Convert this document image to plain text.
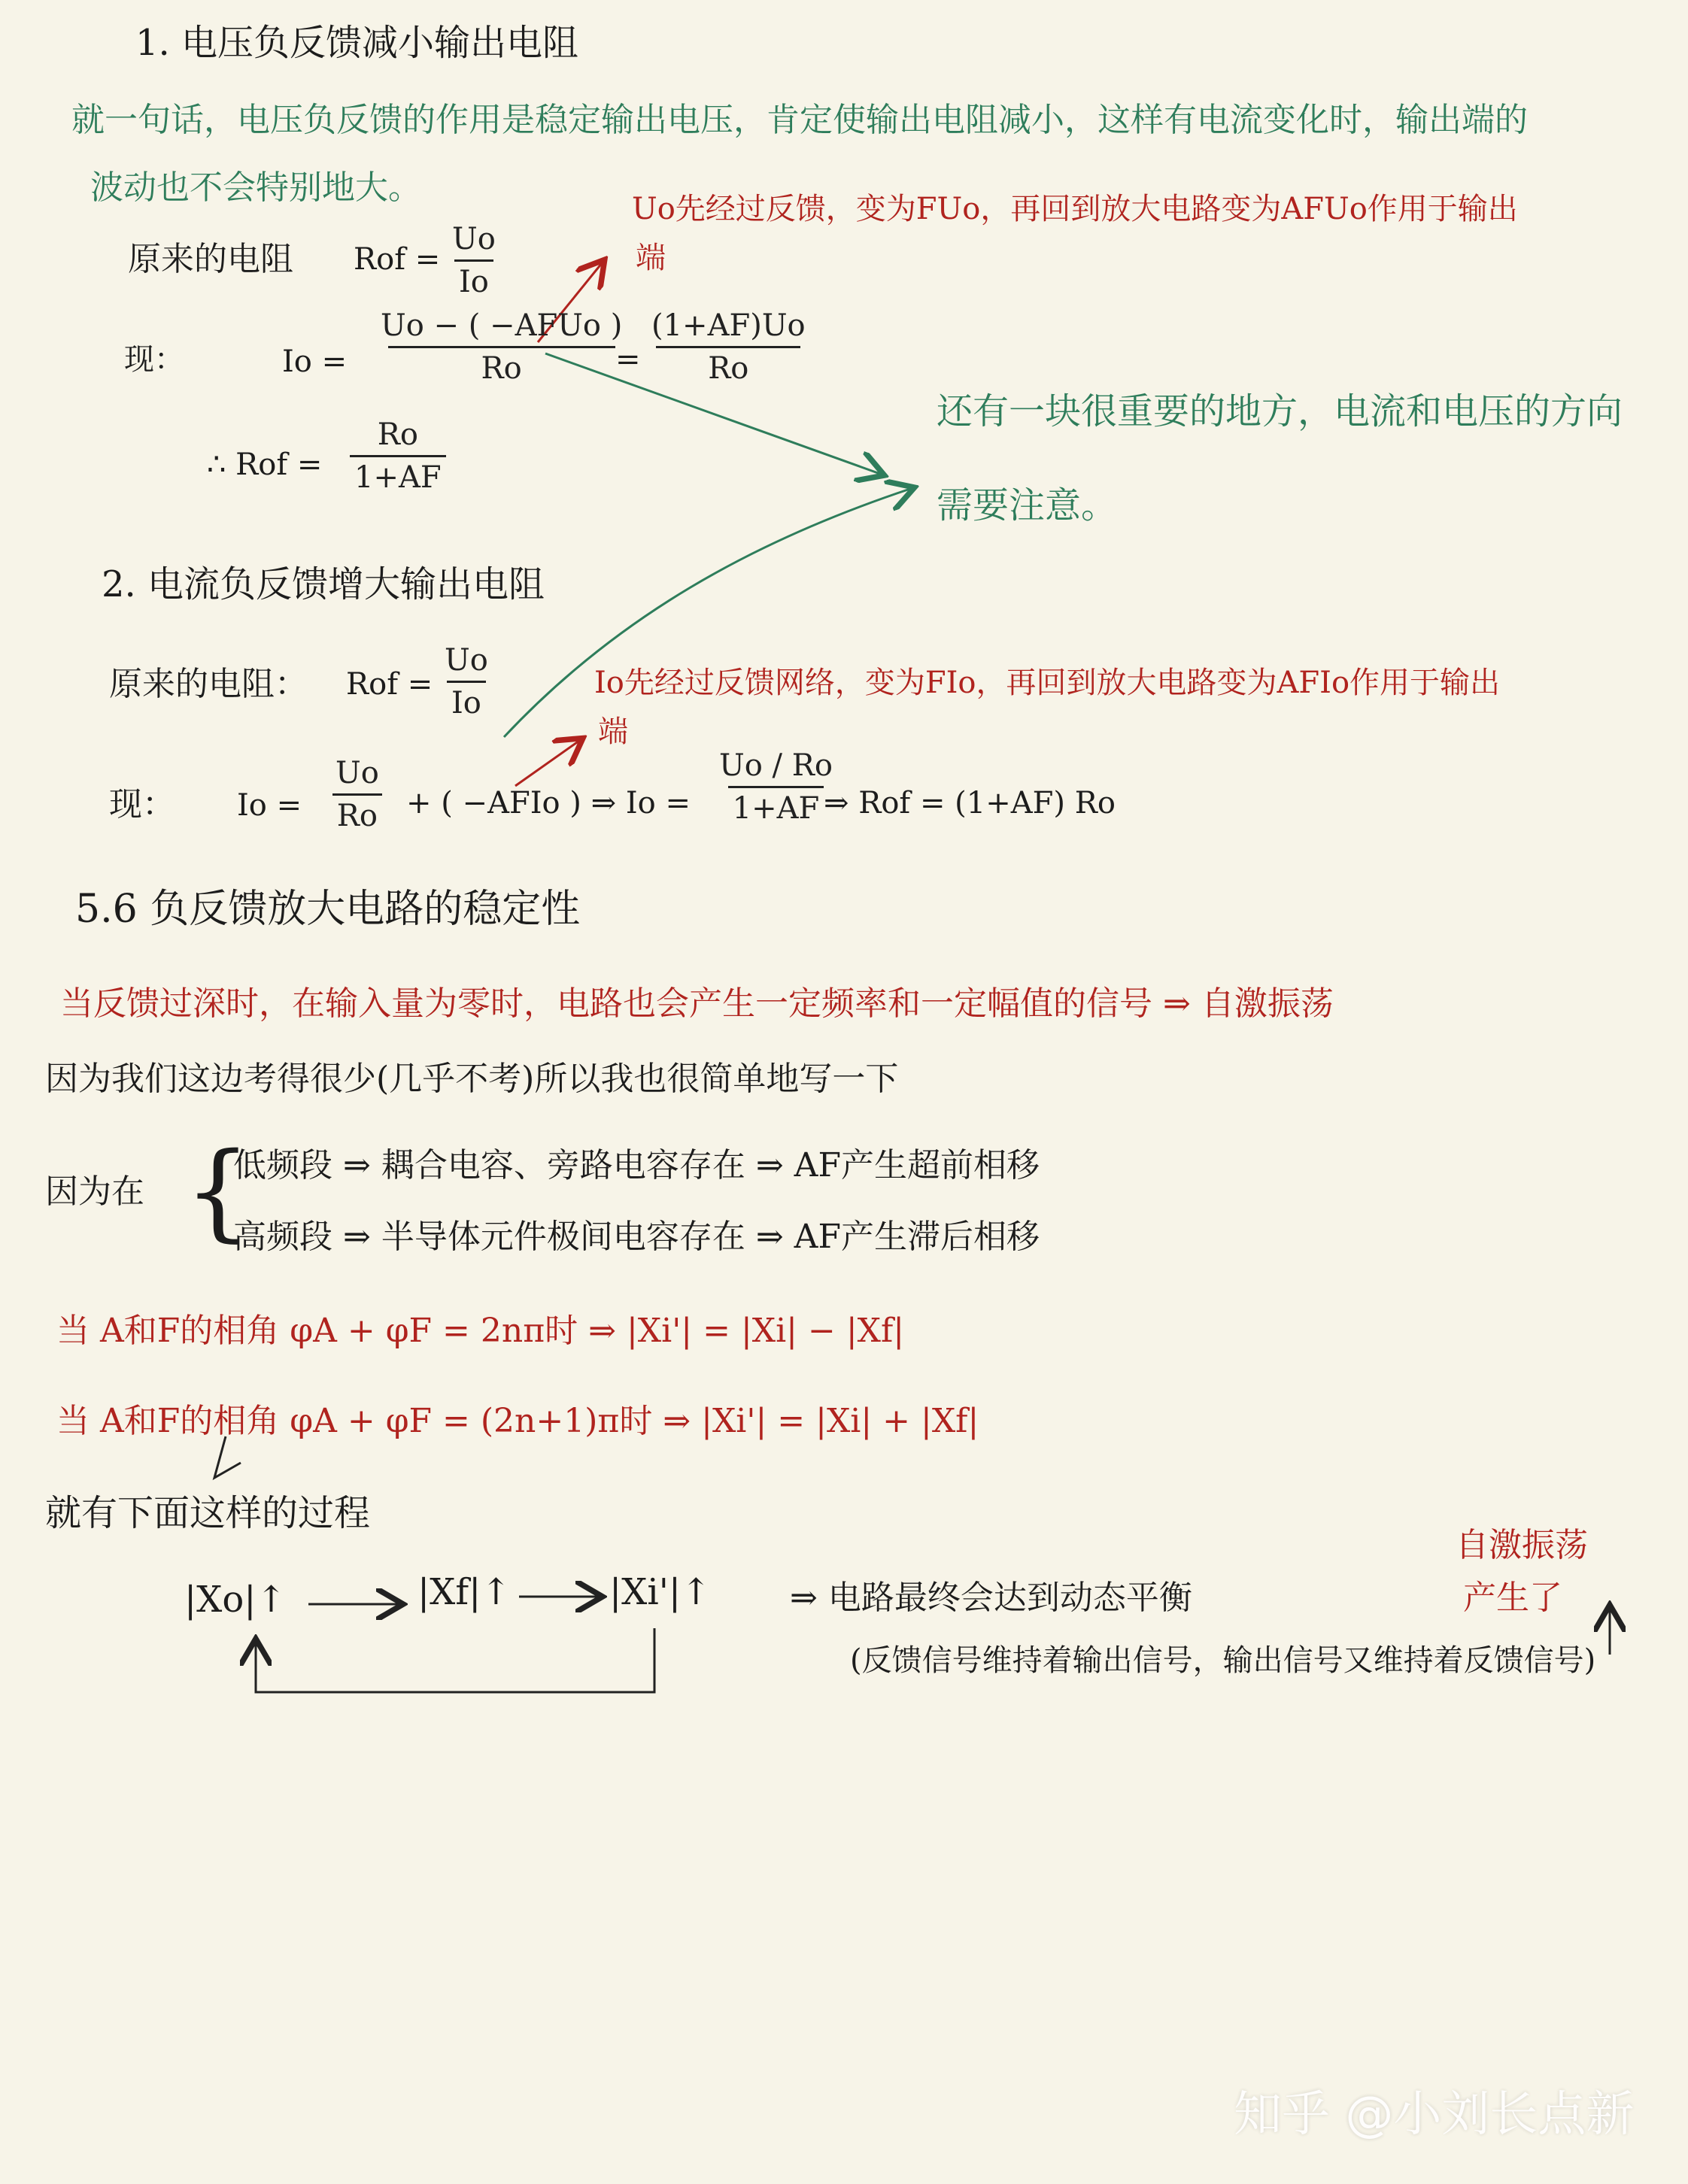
1. 电压负反馈减小输出电阻
就一句话，电压负反馈的作用是稳定输出电压，肯定使输出电阻减小，这样有电流变化时，输出端的
波动也不会特别地大。
原来的电阻 Rof = $\frac{Uo}{Io}$
Uo先经过反馈，变为FUo，再回到放大电路变为AFUo作用于输出
端
现：	Io =
Uo − ( −AFUo )
Ro	= $\frac{(1+AF)Uo}{Ro}$
∴ Rof = $\frac{Ro}{1+AF}$
还有一块很重要的地方，电流和电压的方向
需要注意。
2. 电流负反馈增大输出电阻
原来的电阻： Rof = $\frac{Uo}{Io}$	Io先经过反馈网络，变为FIo，再回到放大电路变为AFIo作用于输出
端
现： $Io = \frac{Uo}{Ro}$ + ( −AFIo ) ⇒ $Io = \frac{Uo / Ro}{1+AF}$
⇒ Rof = (1+AF) Ro
5.6 负反馈放大电路的稳定性
当反馈过深时，在输入量为零时，电路也会产生一定频率和一定幅值的信号 ⇒ 自激振荡
因为我们这边考得很少(几乎不考)所以我也很简单地写一下
因为在 {
低频段 ⇒ 耦合电容、旁路电容存在 ⇒ AF产生超前相移
高频段 ⇒ 半导体元件极间电容存在 ⇒ AF产生滞后相移
当 A和F的相角 φA + φF = 2nπ时 ⇒ |Xi'| = |Xi| − |Xf|
当 A和F的相角 φA + φF = (2n+1)π时 ⇒ |Xi'| = |Xi| + |Xf|
就有下面这样的过程
|Xo|↑	|Xf|↑	|Xi'|↑ ⇒ 电路最终会达到动态平衡
(反馈信号维持着输出信号，输出信号又维持着反馈信号)
自激振荡
产生了
知乎 @小刘长点新
